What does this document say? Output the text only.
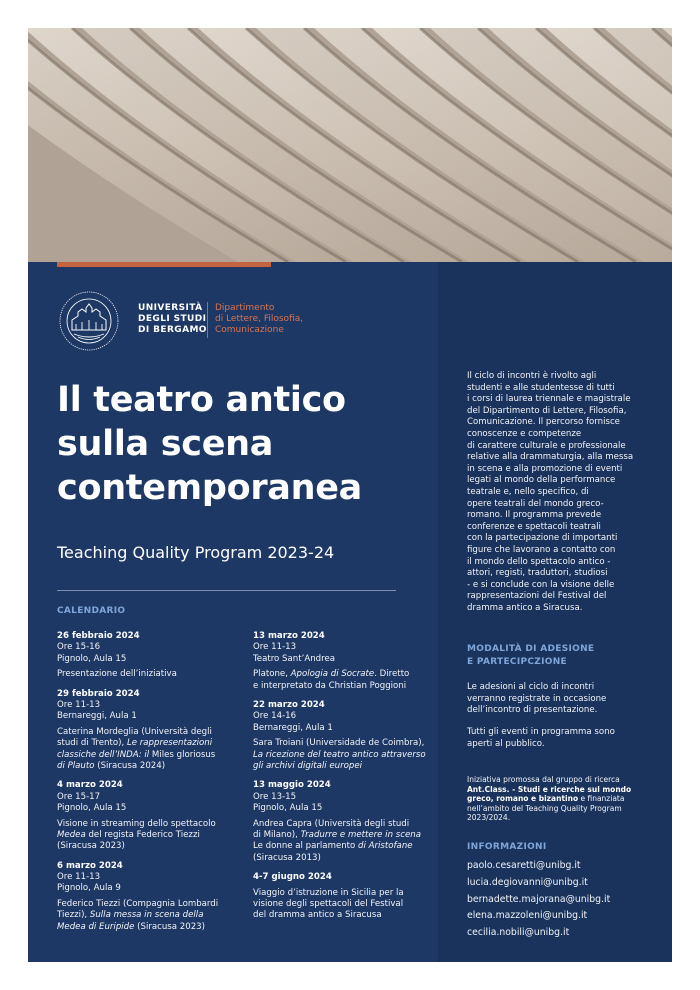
UNIVERSITÀ
DEGLI STUDI
DI BERGAMO
Dipartimento
di Lettere, Filosofia,
Comunicazione
Il teatro antico
sulla scena
contemporanea
Teaching Quality Program 2023-24
CALENDARIO
26 febbraio 2024
Ore 15-16
Pignolo, Aula 15

Presentazione dell’iniziativa

29 febbraio 2024
Ore 11-13
Bernareggi, Aula 1

Caterina Mordeglia (Università degli

studi di Trento), Le rappresentazioni

classiche dell’INDA: il Miles gloriosus

di Plauto (Siracusa 2024)

4 marzo 2024
Ore 15-17
Pignolo, Aula 15

Visione in streaming dello spettacolo

Medea del regista Federico Tiezzi

(Siracusa 2023)

6 marzo 2024
Ore 11-13
Pignolo, Aula 9

Federico Tiezzi (Compagnia Lombardi

Tiezzi), Sulla messa in scena della

Medea di Euripide (Siracusa 2023)

13 marzo 2024
Ore 11-13
Teatro Sant’Andrea

Platone, Apologia di Socrate. Diretto

e interpretato da Christian Poggioni

22 marzo 2024
Ore 14-16
Bernareggi, Aula 1

Sara Troiani (Universidade de Coimbra),

La ricezione del teatro antico attraverso

gli archivi digitali europei

13 maggio 2024
Ore 13-15
Pignolo, Aula 15

Andrea Capra (Università degli studi

di Milano), Tradurre e mettere in scena

Le donne al parlamento di Aristofane

(Siracusa 2013)

4-7 giugno 2024

Viaggio d’istruzione in Sicilia per la

visione degli spettacoli del Festival

del dramma antico a Siracusa

Il ciclo di incontri è rivolto agli
studenti e alle studentesse di tutti
i corsi di laurea triennale e magistrale
del Dipartimento di Lettere, Filosofia,
Comunicazione. Il percorso fornisce
conoscenze e competenze
di carattere culturale e professionale
relative alla drammaturgia, alla messa
in scena e alla promozione di eventi
legati al mondo della performance
teatrale e, nello specifico, di
opere teatrali del mondo greco-
romano. Il programma prevede
conferenze e spettacoli teatrali
con la partecipazione di importanti
figure che lavorano a contatto con
il mondo dello spettacolo antico -
attori, registi, traduttori, studiosi
- e si conclude con la visione delle
rappresentazioni del Festival del
dramma antico a Siracusa.
MODALITÀ DI ADESIONE
E PARTECIPCZIONE
Le adesioni al ciclo di incontri
verranno registrate in occasione
dell’incontro di presentazione.
Tutti gli eventi in programma sono
aperti al pubblico.
Iniziativa promossa dal gruppo di ricerca
Ant.Class. - Studi e ricerche sul mondo
greco, romano e bizantino e finanziata
nell’ambito del Teaching Quality Program
2023/2024.
INFORMAZIONI
paolo.cesaretti@unibg.it
lucia.degiovanni@unibg.it
bernadette.majorana@unibg.it
elena.mazzoleni@unibg.it
cecilia.nobili@unibg.it
